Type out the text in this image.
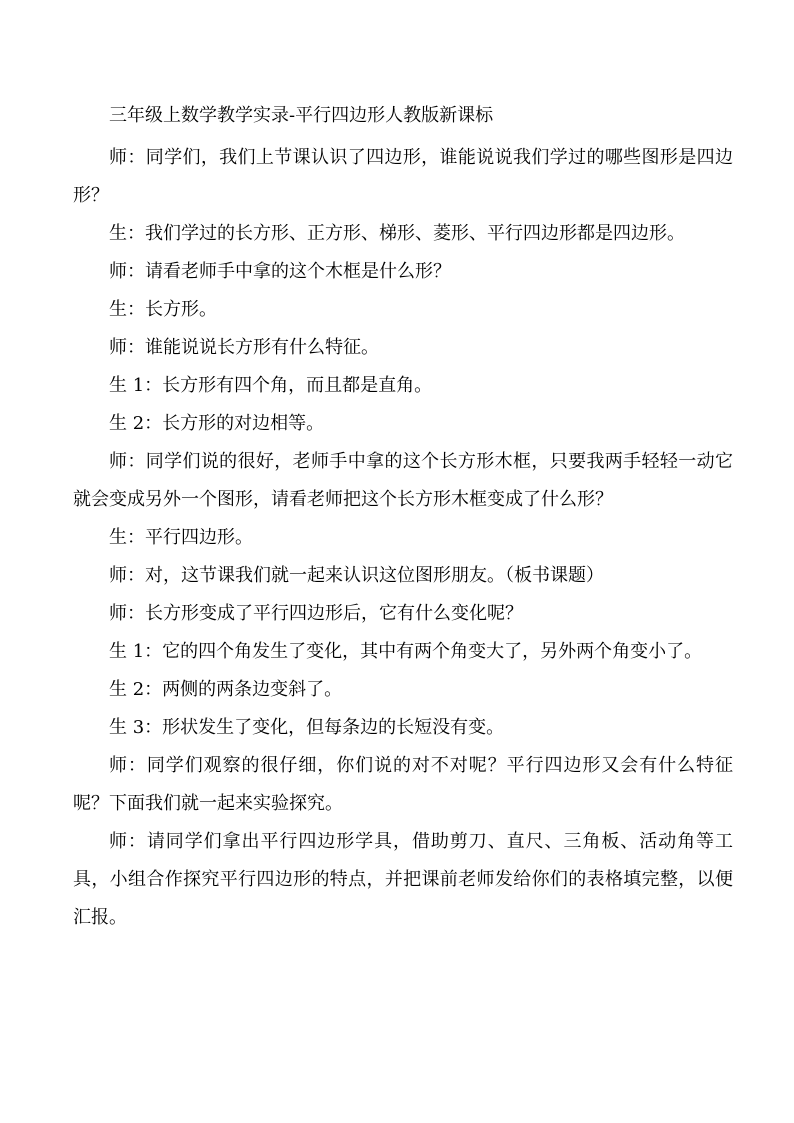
三年级上数学教学实录-平行四边形人教版新课标

师：同学们，我们上节课认识了四边形，谁能说说我们学过的哪些图形是四边形？

生：我们学过的长方形、正方形、梯形、菱形、平行四边形都是四边形。

师：请看老师手中拿的这个木框是什么形？

生：长方形。

师：谁能说说长方形有什么特征。

生 1：长方形有四个角，而且都是直角。

生 2：长方形的对边相等。

师：同学们说的很好，老师手中拿的这个长方形木框，只要我两手轻轻一动它就会变成另外一个图形，请看老师把这个长方形木框变成了什么形？

生：平行四边形。

师：对，这节课我们就一起来认识这位图形朋友。（板书课题）

师：长方形变成了平行四边形后，它有什么变化呢？

生 1：它的四个角发生了变化，其中有两个角变大了，另外两个角变小了。

生 2：两侧的两条边变斜了。

生 3：形状发生了变化，但每条边的长短没有变。

师：同学们观察的很仔细，你们说的对不对呢？平行四边形又会有什么特征呢？下面我们就一起来实验探究。

师：请同学们拿出平行四边形学具，借助剪刀、直尺、三角板、活动角等工具，小组合作探究平行四边形的特点，并把课前老师发给你们的表格填完整，以便汇报。
